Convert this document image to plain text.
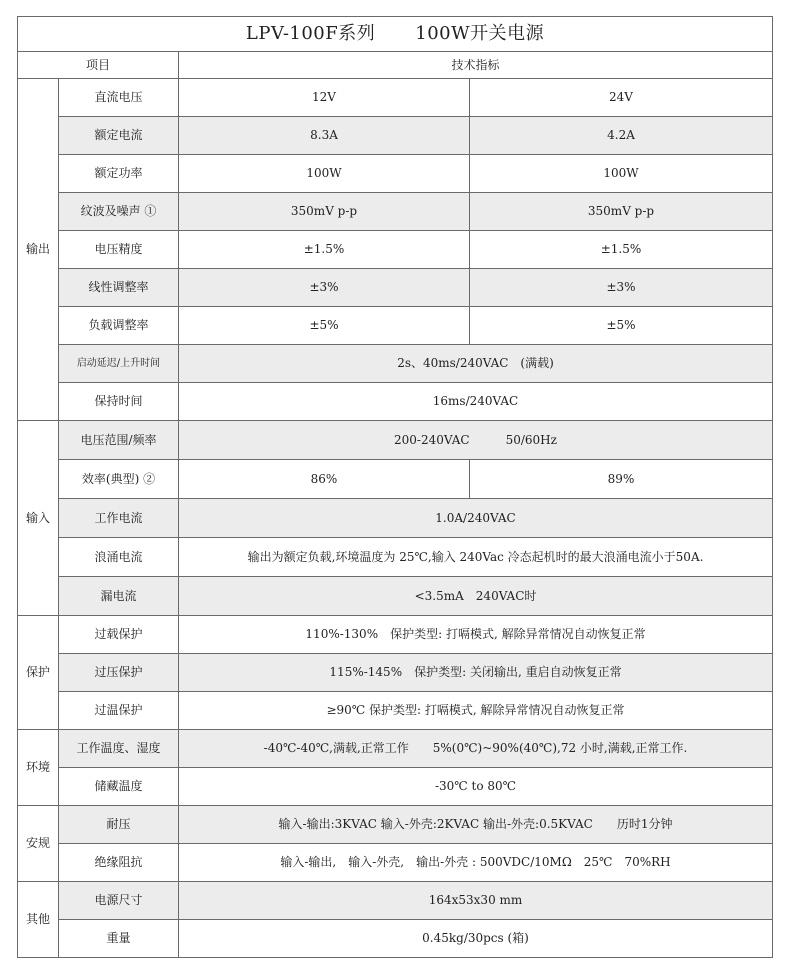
LPV-100F系列 100W开关电源			
项目		技术指标	
输出	直流电压	12V	24V
	额定电流	8.3A	4.2A
	额定功率	100W	100W
	纹波及噪声 ①	350mV p-p	350mV p-p
	电压精度	±1.5%	±1.5%
	线性调整率	±3%	±3%
	负载调整率	±5%	±5%
	启动延迟/上升时间	2s、40ms/240VAC　(满载)	
	保持时间	16ms/240VAC	
输入	电压范围/频率	200-240VAC　　　50/60Hz	
	效率(典型) ②	86%	89%
	工作电流	1.0A/240VAC	
	浪涌电流	输出为额定负载,环境温度为 25℃,输入 240Vac 冷态起机时的最大浪涌电流小于50A.	
	漏电流	<3.5mA　240VAC时	
保护	过载保护	110%-130%　保护类型: 打嗝模式, 解除异常情况自动恢复正常	
	过压保护	115%-145%　保护类型: 关闭输出, 重启自动恢复正常	
	过温保护	≥90℃ 保护类型: 打嗝模式, 解除异常情况自动恢复正常	
环境	工作温度、湿度	-40℃-40℃,满载,正常工作　　5%(0℃)~90%(40℃),72 小时,满载,正常工作.	
	储藏温度	-30℃ to 80℃	
安规	耐压	输入-输出:3KVAC 输入-外壳:2KVAC 输出-外壳:0.5KVAC　　历时1分钟	
	绝缘阻抗	输入-输出,　输入-外壳,　输出-外壳 : 500VDC/10MΩ　25℃　70%RH	
其他	电源尺寸	164x53x30 mm	
	重量	0.45kg/30pcs (箱)	
